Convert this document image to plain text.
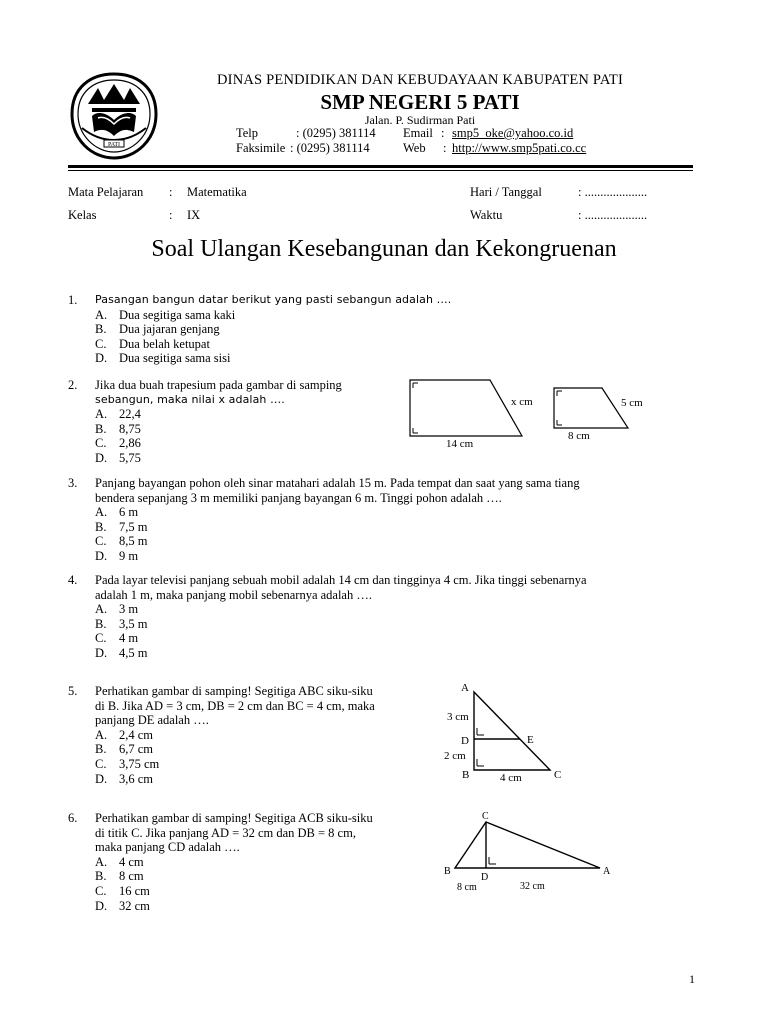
PATI
DINAS PENDIDIKAN DAN KEBUDAYAAN KABUPATEN PATI
SMP NEGERI 5 PATI
Jalan. P. Sudirman Pati
Telp	: (0295) 381114 Email : smp5_oke@yahoo.co.id
Faksimile : (0295) 381114	Web : http://www.smp5pati.co.cc
Mata Pelajaran : Matematika	Hari / Tanggal	: ....................
Kelas	: IX	Waktu	: ....................
Soal Ulangan Kesebangunan dan Kekongruenan
1. Pasangan bangun datar berikut yang pasti sebangun adalah ….
A. Dua segitiga sama kaki
B. Dua jajaran genjang
C. Dua belah ketupat
D. Dua segitiga sama sisi
2. Jika dua buah trapesium pada gambar di samping
sebangun, maka nilai x adalah ….
A. 22,4
B. 8,75
C. 2,86
D. 5,75
3. Panjang bayangan pohon oleh sinar matahari adalah 15 m. Pada tempat dan saat yang sama tiang
bendera sepanjang 3 m memiliki panjang bayangan 6 m. Tinggi pohon adalah ….
A. 6 m
B. 7,5 m
C. 8,5 m
D. 9 m
4. Pada layar televisi panjang sebuah mobil adalah 14 cm dan tingginya 4 cm. Jika tinggi sebenarnya
adalah 1 m, maka panjang mobil sebenarnya adalah ….
A. 3 m
B. 3,5 m
C. 4 m
D. 4,5 m
5. Perhatikan gambar di samping! Segitiga ABC siku-siku
di B. Jika AD = 3 cm, DB = 2 cm dan BC = 4 cm, maka
panjang DE adalah ….
A. 2,4 cm
B. 6,7 cm
C. 3,75 cm
D. 3,6 cm
6. Perhatikan gambar di samping! Segitiga ACB siku-siku
di titik C. Jika panjang AD = 32 cm dan DB = 8 cm,
maka panjang CD adalah ….
A. 4 cm
B. 8 cm
C. 16 cm
D. 32 cm
x cm
14 cm
5 cm
8 cm
A
3 cm
D	E
2 cm
B	4 cm	C
C
B
D
A
8 cm	32 cm
1
